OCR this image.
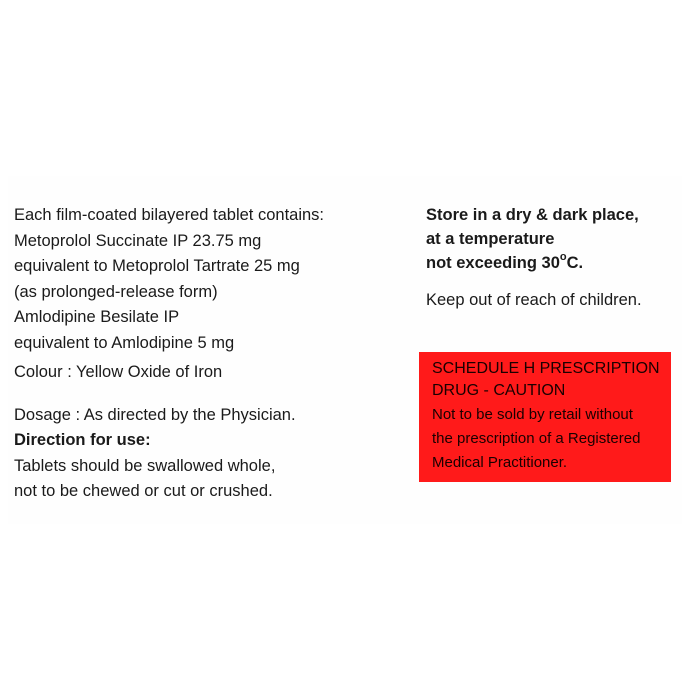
Each film-coated bilayered tablet contains:
Metoprolol Succinate IP 23.75 mg
equivalent to Metoprolol Tartrate 25 mg
(as prolonged-release form)
Amlodipine Besilate IP
equivalent to Amlodipine 5 mg
Colour : Yellow Oxide of Iron
Dosage : As directed by the Physician.
Direction for use:
Tablets should be swallowed whole,
not to be chewed or cut or crushed.
Store in a dry & dark place,
at a temperature
not exceeding 30$^o$C.
Keep out of reach of children.
SCHEDULE H PRESCRIPTION
DRUG - CAUTION
Not to be sold by retail without
the prescription of a Registered
Medical Practitioner.
